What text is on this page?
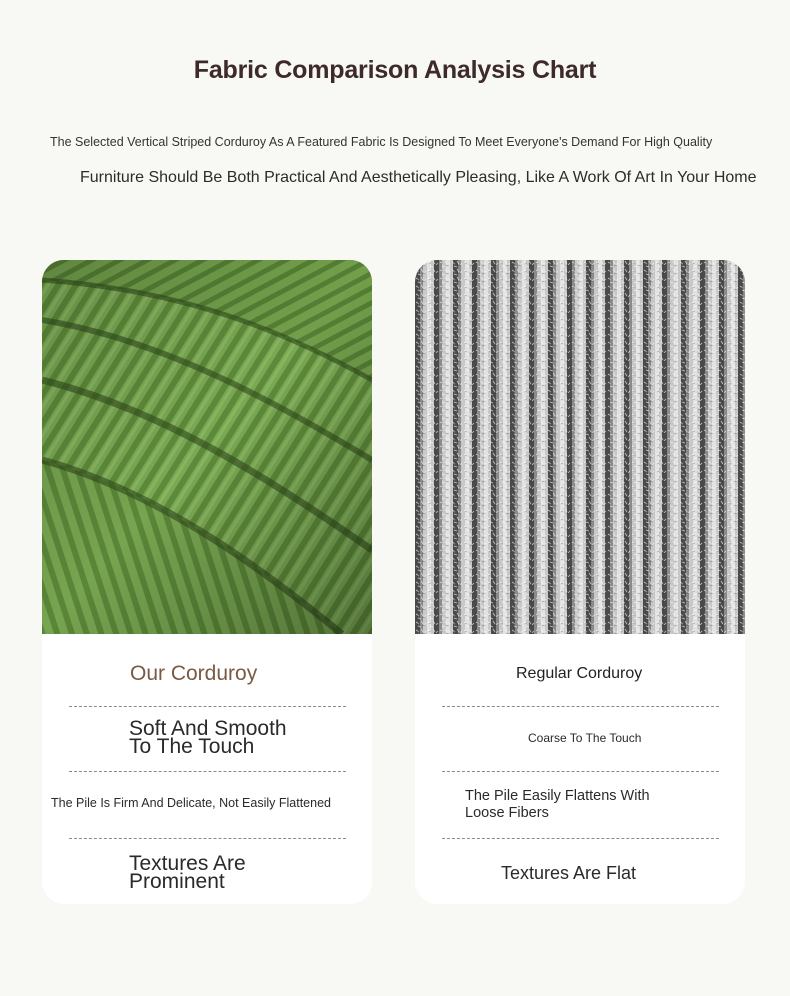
Fabric Comparison Analysis Chart
The Selected Vertical Striped Corduroy As A Featured Fabric Is Designed To Meet Everyone's Demand For High Quality
Furniture Should Be Both Practical And Aesthetically Pleasing, Like A Work Of Art In Your Home
Our Corduroy
Soft And Smooth
To The Touch
The Pile Is Firm And Delicate, Not Easily Flattened
Textures Are
Prominent
Regular Corduroy
Coarse To The Touch
The Pile Easily Flattens With
Loose Fibers
Textures Are Flat
